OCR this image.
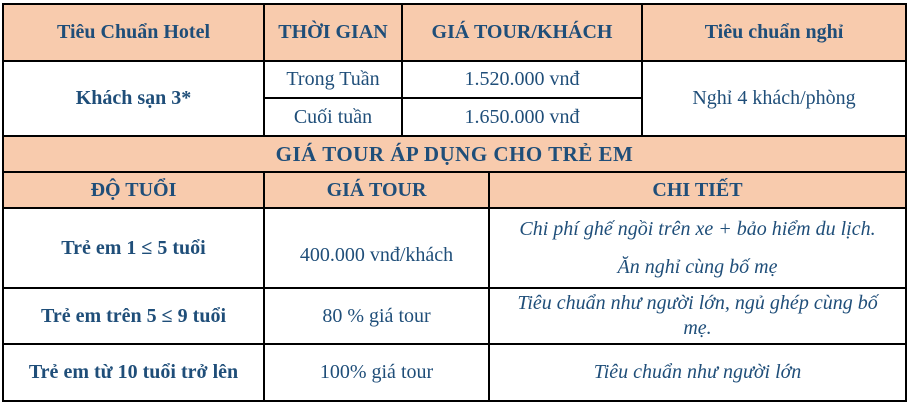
Tiêu Chuẩn Hotel	THỜI GIAN	GIÁ TOUR/KHÁCH	Tiêu chuẩn nghỉ
Khách sạn 3*	Trong Tuần	1.520.000 vnđ	Nghỉ 4 khách/phòng
	Cuối tuần	1.650.000 vnđ	
GIÁ TOUR ÁP DỤNG CHO TRẺ EM		
ĐỘ TUỔI	GIÁ TOUR	CHI TIẾT
Trẻ em 1 ≤ 5 tuổi	400.000 vnđ/khách	Chi phí ghế ngồi trên xe + bảo hiểm du lịch.
Ăn nghỉ cùng bố mẹ

Trẻ em trên 5 ≤ 9 tuổi	80 % giá tour	Tiêu chuẩn như người lớn, ngủ ghép cùng bố mẹ.

Trẻ em từ 10 tuổi trở lên	100% giá tour	Tiêu chuẩn như người lớn
